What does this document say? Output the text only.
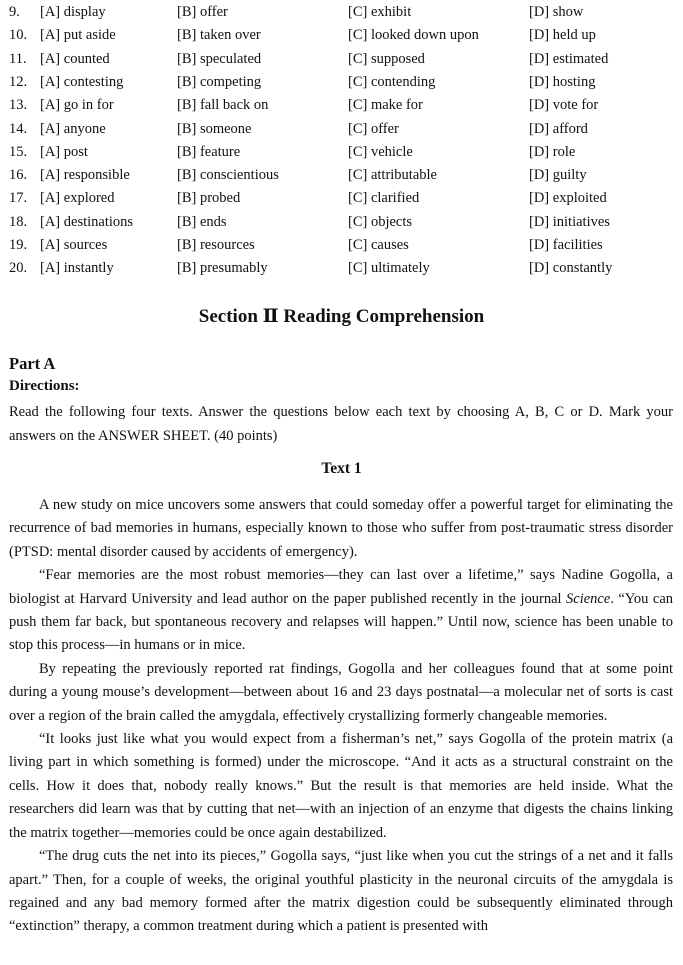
9. [A] display	[B] offer	[C] exhibit	[D] show
10. [A] put aside	[B] taken over	[C] looked down upon	[D] held up
11. [A] counted	[B] speculated	[C] supposed	[D] estimated
12. [A] contesting	[B] competing	[C] contending	[D] hosting
13. [A] go in for	[B] fall back on	[C] make for	[D] vote for
14. [A] anyone	[B] someone	[C] offer	[D] afford
15. [A] post	[B] feature	[C] vehicle	[D] role
16. [A] responsible	[B] conscientious	[C] attributable	[D] guilty
17. [A] explored	[B] probed	[C] clarified	[D] exploited
18. [A] destinations	[B] ends	[C] objects	[D] initiatives
19. [A] sources	[B] resources	[C] causes	[D] facilities
20. [A] instantly	[B] presumably	[C] ultimately	[D] constantly
Section Ⅱ Reading Comprehension
Part A
Directions:
Read the following four texts. Answer the questions below each text by choosing A, B, C or D. Mark your answers on the ANSWER SHEET. (40 points)
Text 1

A new study on mice uncovers some answers that could someday offer a powerful target for eliminating the recurrence of bad memories in humans, especially known to those who suffer from post-traumatic stress disorder (PTSD: mental disorder caused by accidents of emergency).

“Fear memories are the most robust memories—they can last over a lifetime,” says Nadine Gogolla, a biologist at Harvard University and lead author on the paper published recently in the journal Science. “You can push them far back, but spontaneous recovery and relapses will happen.” Until now, science has been unable to stop this process—in humans or in mice.

By repeating the previously reported rat findings, Gogolla and her colleagues found that at some point during a young mouse’s development—between about 16 and 23 days postnatal—a molecular net of sorts is cast over a region of the brain called the amygdala, effectively crystallizing formerly changeable memories.

“It looks just like what you would expect from a fisherman’s net,” says Gogolla of the protein matrix (a living part in which something is formed) under the microscope. “And it acts as a structural constraint on the cells. How it does that, nobody really knows.” But the result is that memories are held inside. What the researchers did learn was that by cutting that net—with an injection of an enzyme that digests the chains linking the matrix together—memories could be once again destabilized.

“The drug cuts the net into its pieces,” Gogolla says, “just like when you cut the strings of a net and it falls apart.” Then, for a couple of weeks, the original youthful plasticity in the neuronal circuits of the amygdala is regained and any bad memory formed after the matrix digestion could be subsequently eliminated through “extinction” therapy, a common treatment during which a patient is presented with
